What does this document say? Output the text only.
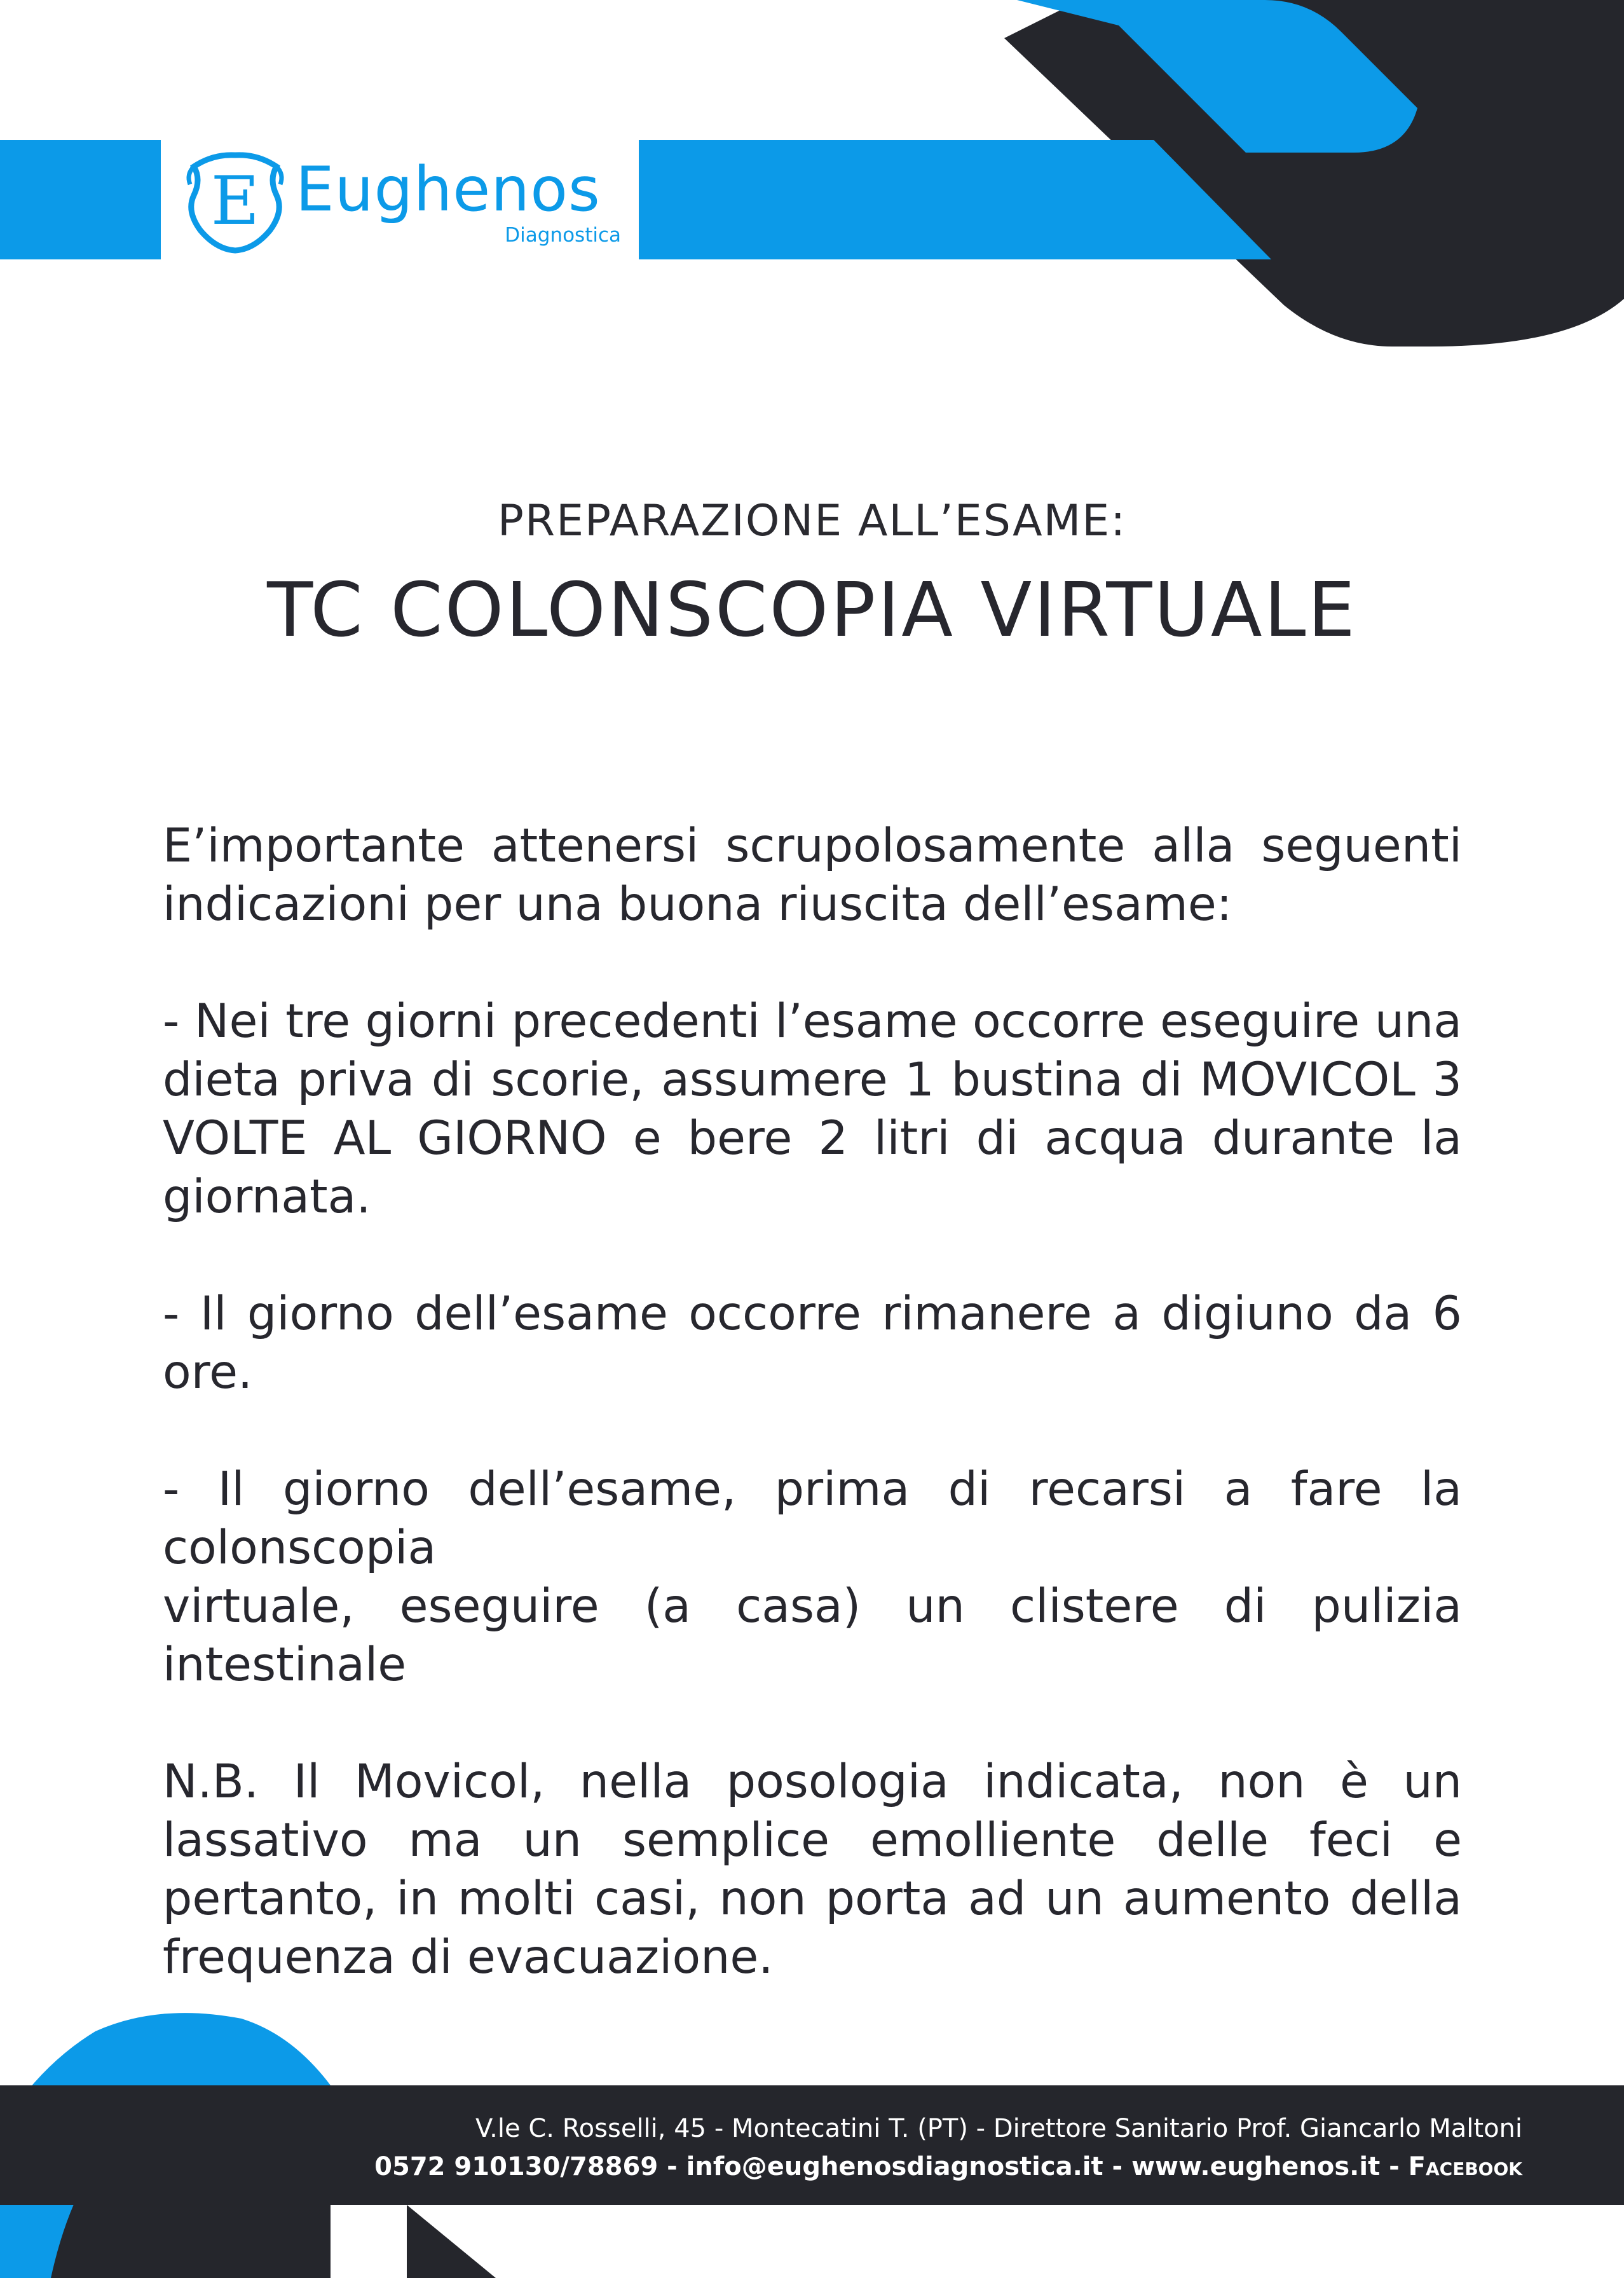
E Eughenos
Diagnostica
PREPARAZIONE ALL’ESAME:
TC COLONSCOPIA VIRTUALE

E’importante attenersi scrupolosamente alla seguenti
indicazioni per una buona riuscita dell’esame:

- Nei tre giorni precedenti l’esame occorre eseguire una
dieta priva di scorie, assumere 1 bustina di MOVICOL 3
VOLTE AL GIORNO e bere 2 litri di acqua durante la
giornata.

- Il giorno dell’esame occorre rimanere a digiuno da 6
ore.

- Il giorno dell’esame, prima di recarsi a fare la
colonscopia
virtuale, eseguire (a casa) un clistere di pulizia
intestinale

N.B. Il Movicol, nella posologia indicata, non è un
lassativo ma un semplice emolliente delle feci e
pertanto, in molti casi, non porta ad un aumento della
frequenza di evacuazione.

V.le C. Rosselli, 45 - Montecatini T. (PT) - Direttore Sanitario Prof. Giancarlo Maltoni
0572 910130/78869 - info@eughenosdiagnostica.it - www.eughenos.it - Facebook
